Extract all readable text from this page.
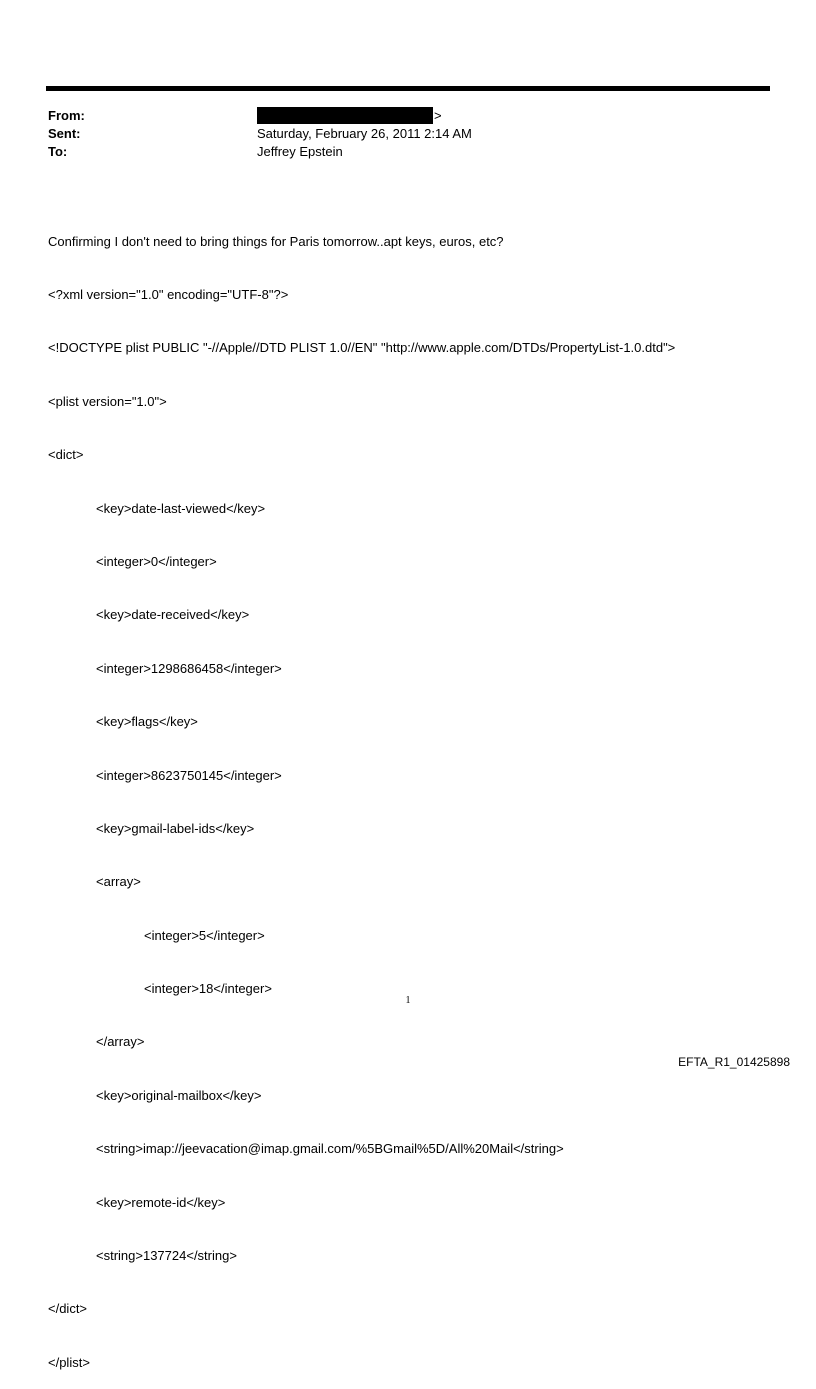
From:	>
Sent:	Saturday, February 26, 2011 2:14 AM
To:	Jeffrey Epstein

Confirming I don't need to bring things for Paris tomorrow..apt keys, euros, etc?

<?xml version="1.0" encoding="UTF-8"?>

<!DOCTYPE plist PUBLIC "-//Apple//DTD PLIST 1.0//EN" "http://www.apple.com/DTDs/PropertyList-1.0.dtd">

<plist version="1.0">

<dict>

<key>date-last-viewed</key>

<integer>0</integer>

<key>date-received</key>

<integer>1298686458</integer>

<key>flags</key>

<integer>8623750145</integer>

<key>gmail-label-ids</key>

<array>

<integer>5</integer>

<integer>18</integer>

</array>

<key>original-mailbox</key>

<string>imap://jeevacation@imap.gmail.com/%5BGmail%5D/All%20Mail</string>

<key>remote-id</key>

<string>137724</string>

</dict>

</plist>

1
EFTA_R1_01425898
